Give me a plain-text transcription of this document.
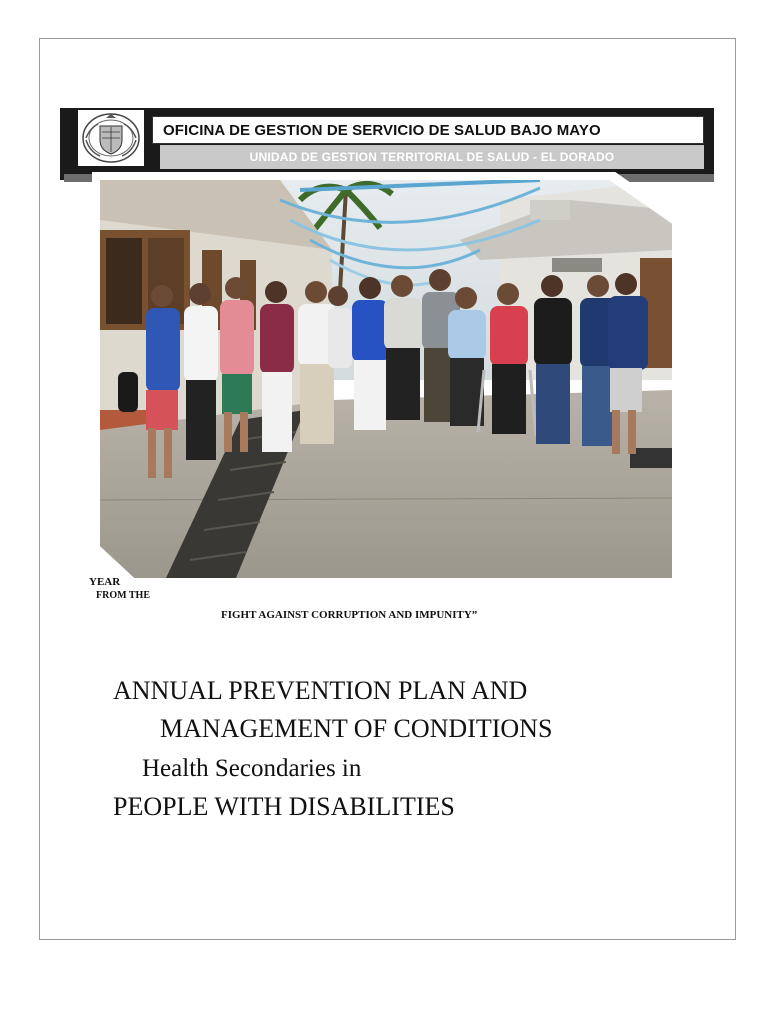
OFICINA DE GESTION DE SERVICIO DE SALUD BAJO MAYO
UNIDAD DE GESTION TERRITORIAL DE SALUD - EL DORADO
YEAR
FROM THE
FIGHT AGAINST CORRUPTION AND IMPUNITY”
ANNUAL PREVENTION PLAN AND
MANAGEMENT OF CONDITIONS
Health Secondaries in
PEOPLE WITH DISABILITIES
